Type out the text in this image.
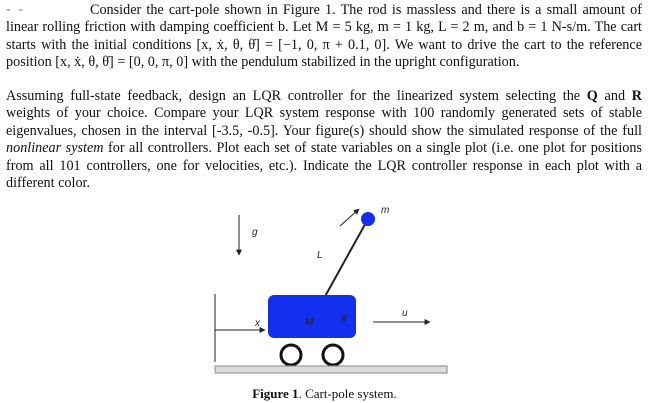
- -	Consider the cart-pole shown in Figure 1. The rod is massless and there is a small amount of linear rolling friction with damping coefficient b. Let M = 5 kg, m = 1 kg, L = 2 m, and b = 1 N-s/m. The cart starts with the initial conditions [x, ẋ, θ, θ̇] = [−1, 0, π + 0.1, 0]. We want to drive the cart to the reference position [x, ẋ, θ, θ̇] = [0, 0, π, 0] with the pendulum stabilized in the upright configuration.

Assuming full-state feedback, design an LQR controller for the linearized system selecting the Q and R weights of your choice. Compare your LQR system response with 100 randomly generated sets of stable eigenvalues, chosen in the interval [-3.5, -0.5]. Your figure(s) should show the simulated response of the full nonlinear system for all controllers. Plot each set of state variables on a single plot (i.e. one plot for positions from all 101 controllers, one for velocities, etc.). Indicate the LQR controller response in each plot with a different color.

g
m
L
M	θ
u
x
Figure 1. Cart-pole system.
